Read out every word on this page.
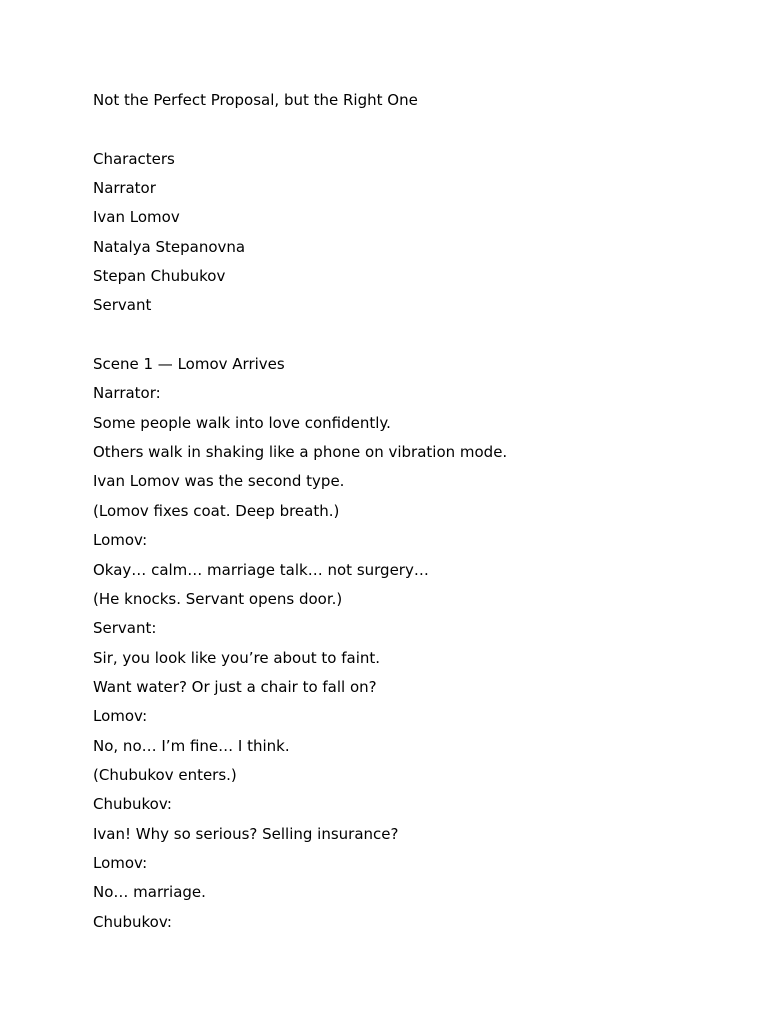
Not the Perfect Proposal, but the Right One

Characters

Narrator

Ivan Lomov

Natalya Stepanovna

Stepan Chubukov

Servant

Scene 1 — Lomov Arrives

Narrator:

Some people walk into love confidently.

Others walk in shaking like a phone on vibration mode.

Ivan Lomov was the second type.

(Lomov fixes coat. Deep breath.)

Lomov:

Okay… calm… marriage talk… not surgery…

(He knocks. Servant opens door.)

Servant:

Sir, you look like you’re about to faint.

Want water? Or just a chair to fall on?

Lomov:

No, no… I’m fine… I think.

(Chubukov enters.)

Chubukov:

Ivan! Why so serious? Selling insurance?

Lomov:

No… marriage.

Chubukov:
